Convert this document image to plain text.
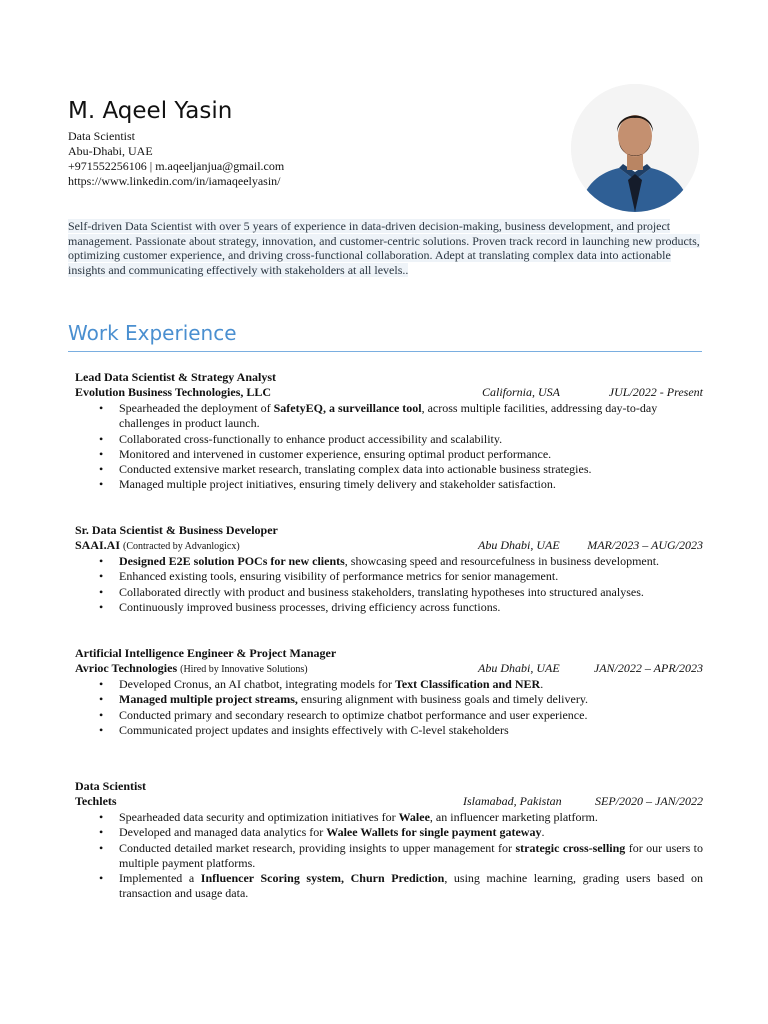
M. Aqeel Yasin
Data Scientist
Abu-Dhabi, UAE
+971552256106 | m.aqeeljanjua@gmail.com
https://www.linkedin.com/in/iamaqeelyasin/
Self-driven Data Scientist with over 5 years of experience in data-driven decision-making, business development, and project management. Passionate about strategy, innovation, and customer-centric solutions. Proven track record in launching new products, optimizing customer experience, and driving cross-functional collaboration. Adept at translating complex data into actionable insights and communicating effectively with stakeholders at all levels..
Work Experience
Lead Data Scientist & Strategy Analyst
Evolution Business Technologies, LLC	California, USA	JUL/2022 - Present
• Spearheaded the deployment of SafetyEQ, a surveillance tool, across multiple facilities, addressing day-to-day challenges in product launch.
• Collaborated cross-functionally to enhance product accessibility and scalability.
• Monitored and intervened in customer experience, ensuring optimal product performance.
• Conducted extensive market research, translating complex data into actionable business strategies.
• Managed multiple project initiatives, ensuring timely delivery and stakeholder satisfaction.
Sr. Data Scientist & Business Developer
SAAI.AI (Contracted by Advanlogicx)	Abu Dhabi, UAE MAR/2023 – AUG/2023
• Designed E2E solution POCs for new clients, showcasing speed and resourcefulness in business development.
• Enhanced existing tools, ensuring visibility of performance metrics for senior management.
• Collaborated directly with product and business stakeholders, translating hypotheses into structured analyses.
• Continuously improved business processes, driving efficiency across functions.
Artificial Intelligence Engineer & Project Manager
Avrioc Technologies (Hired by Innovative Solutions)	Abu Dhabi, UAE	JAN/2022 – APR/2023
• Developed Cronus, an AI chatbot, integrating models for Text Classification and NER.
• Managed multiple project streams, ensuring alignment with business goals and timely delivery.
• Conducted primary and secondary research to optimize chatbot performance and user experience.
• Communicated project updates and insights effectively with C-level stakeholders
Data Scientist
Techlets	Islamabad, Pakistan	SEP/2020 – JAN/2022
• Spearheaded data security and optimization initiatives for Walee, an influencer marketing platform.
• Developed and managed data analytics for Walee Wallets for single payment gateway.
• Conducted detailed market research, providing insights to upper management for strategic cross-selling for our users to multiple payment platforms.
• Implemented a Influencer Scoring system, Churn Prediction, using machine learning, grading users based on transaction and usage data.
